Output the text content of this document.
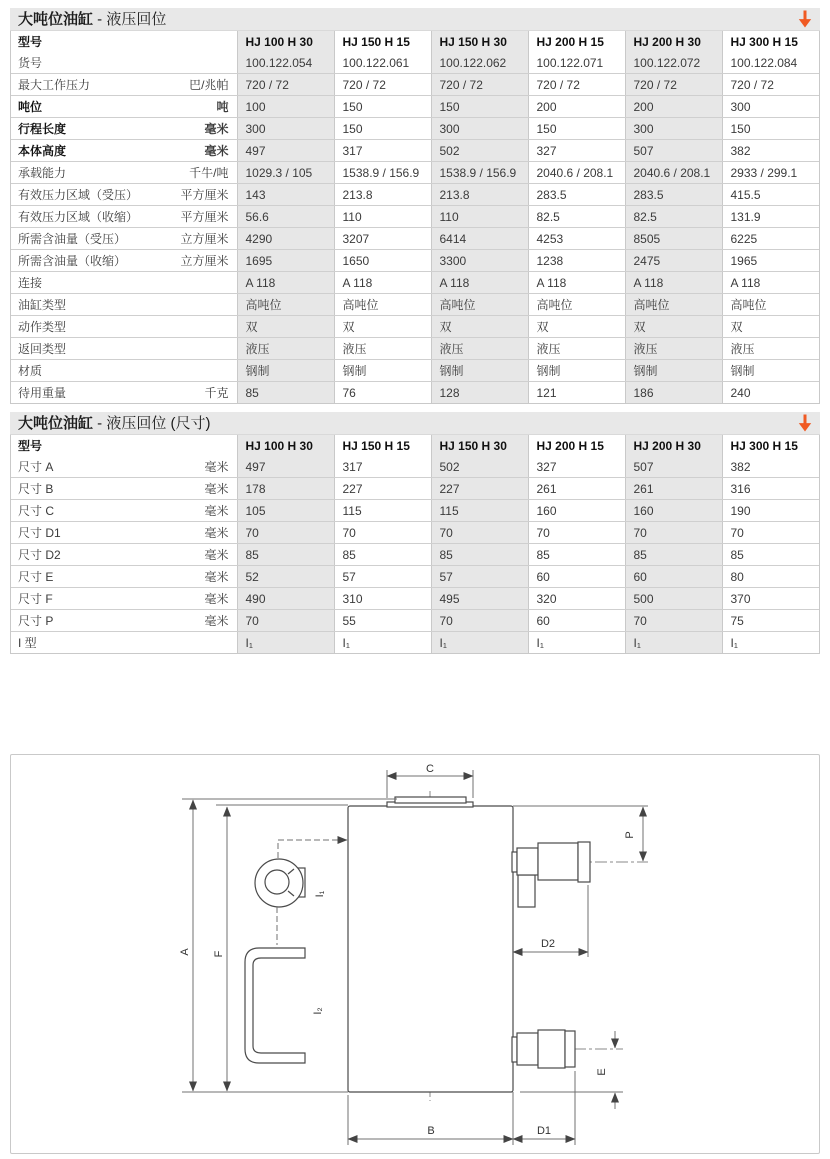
大吨位油缸 - 液压回位
型号	HJ 100 H 30	HJ 150 H 15	HJ 150 H 30	HJ 200 H 15	HJ 200 H 30	HJ 300 H 15

货号	100.122.054	100.122.061	100.122.062	100.122.071	100.122.072	100.122.084

最大工作压力 巴/兆帕	720 / 72	720 / 72	720 / 72	720 / 72	720 / 72	720 / 72

吨位 吨	100	150	150	200	200	300

行程长度 毫米	300	150	300	150	300	150

本体高度 毫米	497	317	502	327	507	382

承载能力 千牛/吨	1029.3 / 105	1538.9 / 156.9	1538.9 / 156.9	2040.6 / 208.1	2040.6 / 208.1	2933 / 299.1

有效压力区域（受压） 平方厘米	143	213.8	213.8	283.5	283.5	415.5

有效压力区域（收缩） 平方厘米	56.6	110	110	82.5	82.5	131.9

所需含油量（受压） 立方厘米	4290	3207	6414	4253	8505	6225

所需含油量（收缩） 立方厘米	1695	1650	3300	1238	2475	1965

连接	A 118	A 118	A 118	A 118	A 118	A 118

油缸类型	高吨位	高吨位	高吨位	高吨位	高吨位	高吨位

动作类型	双	双	双	双	双	双

返回类型	液压	液压	液压	液压	液压	液压

材质	钢制	钢制	钢制	钢制	钢制	钢制

待用重量 千克	85	76	128	121	186	240
大吨位油缸 - 液压回位 (尺寸)
型号	HJ 100 H 30	HJ 150 H 15	HJ 150 H 30	HJ 200 H 15	HJ 200 H 30	HJ 300 H 15

尺寸 A 毫米	497	317	502	327	507	382

尺寸 B 毫米	178	227	227	261	261	316

尺寸 C 毫米	105	115	115	160	160	190

尺寸 D1 毫米	70	70	70	70	70	70

尺寸 D2 毫米	85	85	85	85	85	85

尺寸 E 毫米	52	57	57	60	60	80

尺寸 F 毫米	490	310	495	320	500	370

尺寸 P 毫米	70	55	70	60	70	75

I 型	I₁	I₁	I₁	I₁	I₁	I₁
C
A F
P
D2
E
B	D1
I₁
I₂
